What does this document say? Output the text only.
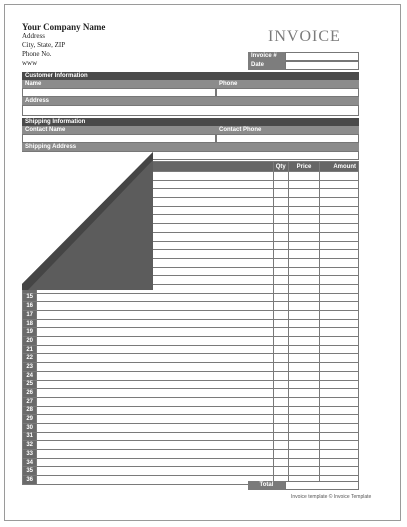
Your Company Name
Address
City, State, ZIP
Phone No.
www
INVOICE
Invoice #
Date
Customer Information
Name	Phone
Address
Shipping Information
Contact Name	Contact Phone
Shipping Address
		Qty	Price	Amount

15				
16				
17				
18				
19				
20				
21				
22				
23				
24				
25				
26				
27				
28				
29				
30				
31				
32				
33				
34				
35				
36				
Total
Invoice template © Invoice Template
